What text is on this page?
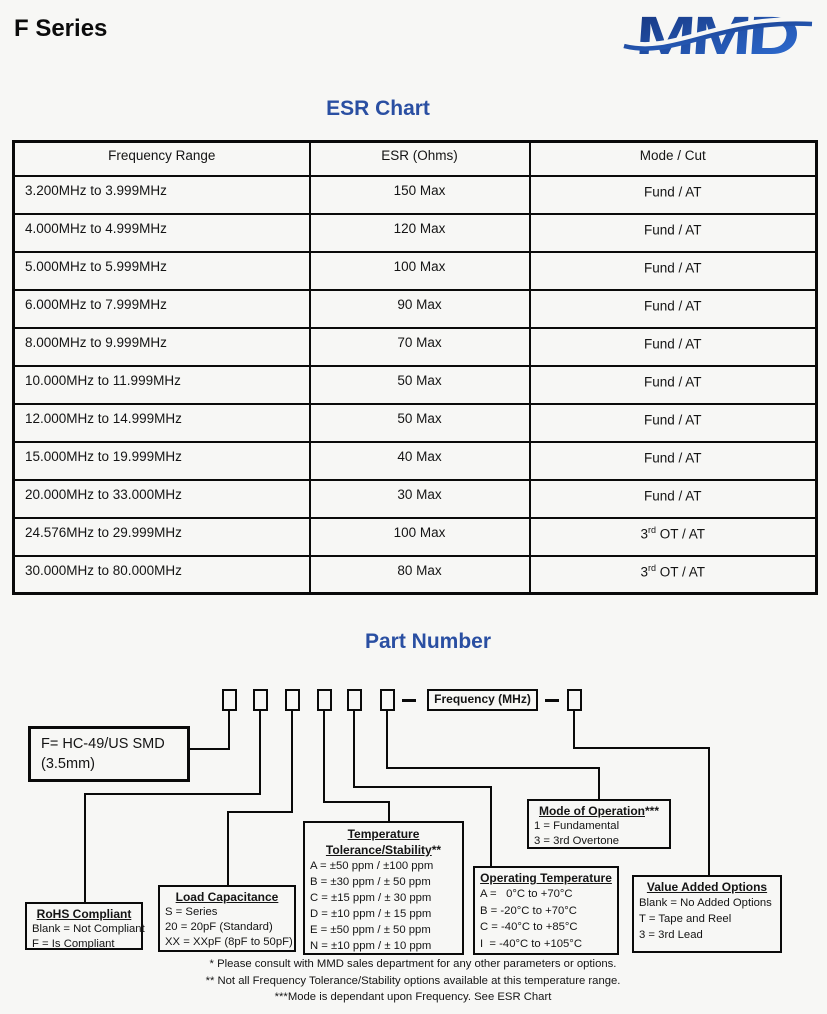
F Series	MMD
ESR Chart
Frequency Range	ESR (Ohms)	Mode / Cut
3.200MHz to 3.999MHz	150 Max	Fund / AT
4.000MHz to 4.999MHz	120 Max	Fund / AT
5.000MHz to 5.999MHz	100 Max	Fund / AT
6.000MHz to 7.999MHz	90 Max	Fund / AT
8.000MHz to 9.999MHz	70 Max	Fund / AT
10.000MHz to 11.999MHz	50 Max	Fund / AT
12.000MHz to 14.999MHz	50 Max	Fund / AT
15.000MHz to 19.999MHz	40 Max	Fund / AT
20.000MHz to 33.000MHz	30 Max	Fund / AT
24.576MHz to 29.999MHz	100 Max	3rd OT / AT
30.000MHz to 80.000MHz	80 Max	3rd OT / AT
Part Number
Frequency (MHz)
F= HC-49/US SMD
(3.5mm)
RoHS Compliant
Blank = Not Compliant
F = Is Compliant
Load Capacitance
S = Series
20 = 20pF (Standard)
XX = XXpF (8pF to 50pF)
Temperature
Tolerance/Stability**
A = ±50 ppm / ±100 ppm
B = ±30 ppm / ± 50 ppm
C = ±15 ppm / ± 30 ppm
D = ±10 ppm / ± 15 ppm
E = ±50 ppm / ± 50 ppm
N = ±10 ppm / ± 10 ppm
Operating Temperature
A =   0°C to +70°C
B = -20°C to +70°C
C = -40°C to +85°C
I  = -40°C to +105°C
Mode of Operation***
1 = Fundamental
3 = 3rd Overtone
Value Added Options
Blank = No Added Options
T = Tape and Reel
3 = 3rd Lead
* Please consult with MMD sales department for any other parameters or options.
** Not all Frequency Tolerance/Stability options available at this temperature range.
***Mode is dependant upon Frequency. See ESR Chart
